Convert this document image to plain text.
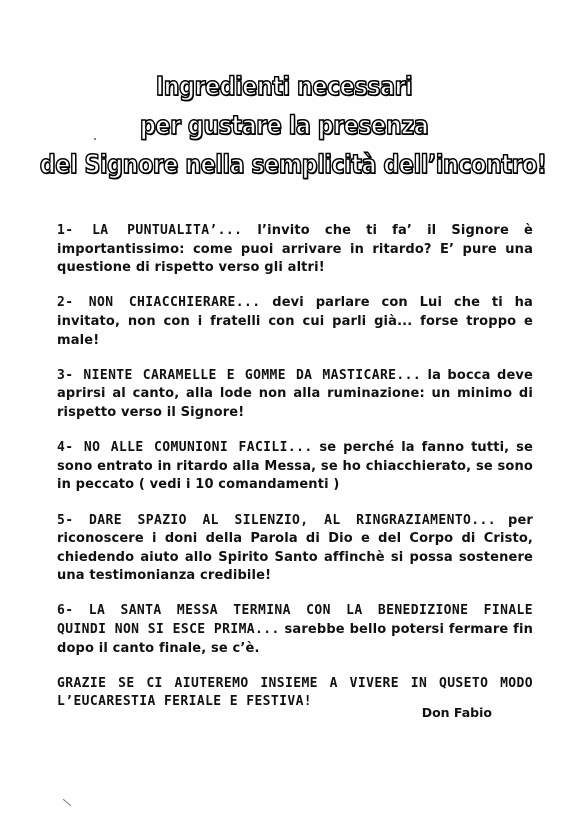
Ingredienti necessari
per gustare la presenza
del Signore nella semplicità dell’incontro!

1- LA PUNTUALITA’... l’invito che ti fa’ il Signore è importantissimo: come puoi arrivare in ritardo? E’ pure una questione di rispetto verso gli altri!

2- NON CHIACCHIERARE... devi parlare con Lui che ti ha invitato, non con i fratelli con cui parli già... forse troppo e male!

3- NIENTE CARAMELLE E GOMME DA MASTICARE... la bocca deve aprirsi al canto, alla lode non alla ruminazione: un minimo di rispetto verso il Signore!

4- NO ALLE COMUNIONI FACILI... se perché la fanno tutti, se sono entrato in ritardo alla Messa, se ho chiacchierato, se sono in peccato ( vedi i 10 comandamenti )

5- DARE SPAZIO AL SILENZIO, AL RINGRAZIAMENTO... per riconoscere i doni della Parola di Dio e del Corpo di Cristo, chiedendo aiuto allo Spirito Santo affinchè si possa sostenere una testimonianza credibile!

6- LA SANTA MESSA TERMINA CON LA BENEDIZIONE FINALE QUINDI NON SI ESCE PRIMA... sarebbe bello potersi fermare fin dopo il canto finale, se c’è.

GRAZIE SE CI AIUTEREMO INSIEME A VIVERE IN QUSETO MODO L’EUCARESTIA FERIALE E FESTIVA!

Don Fabio
